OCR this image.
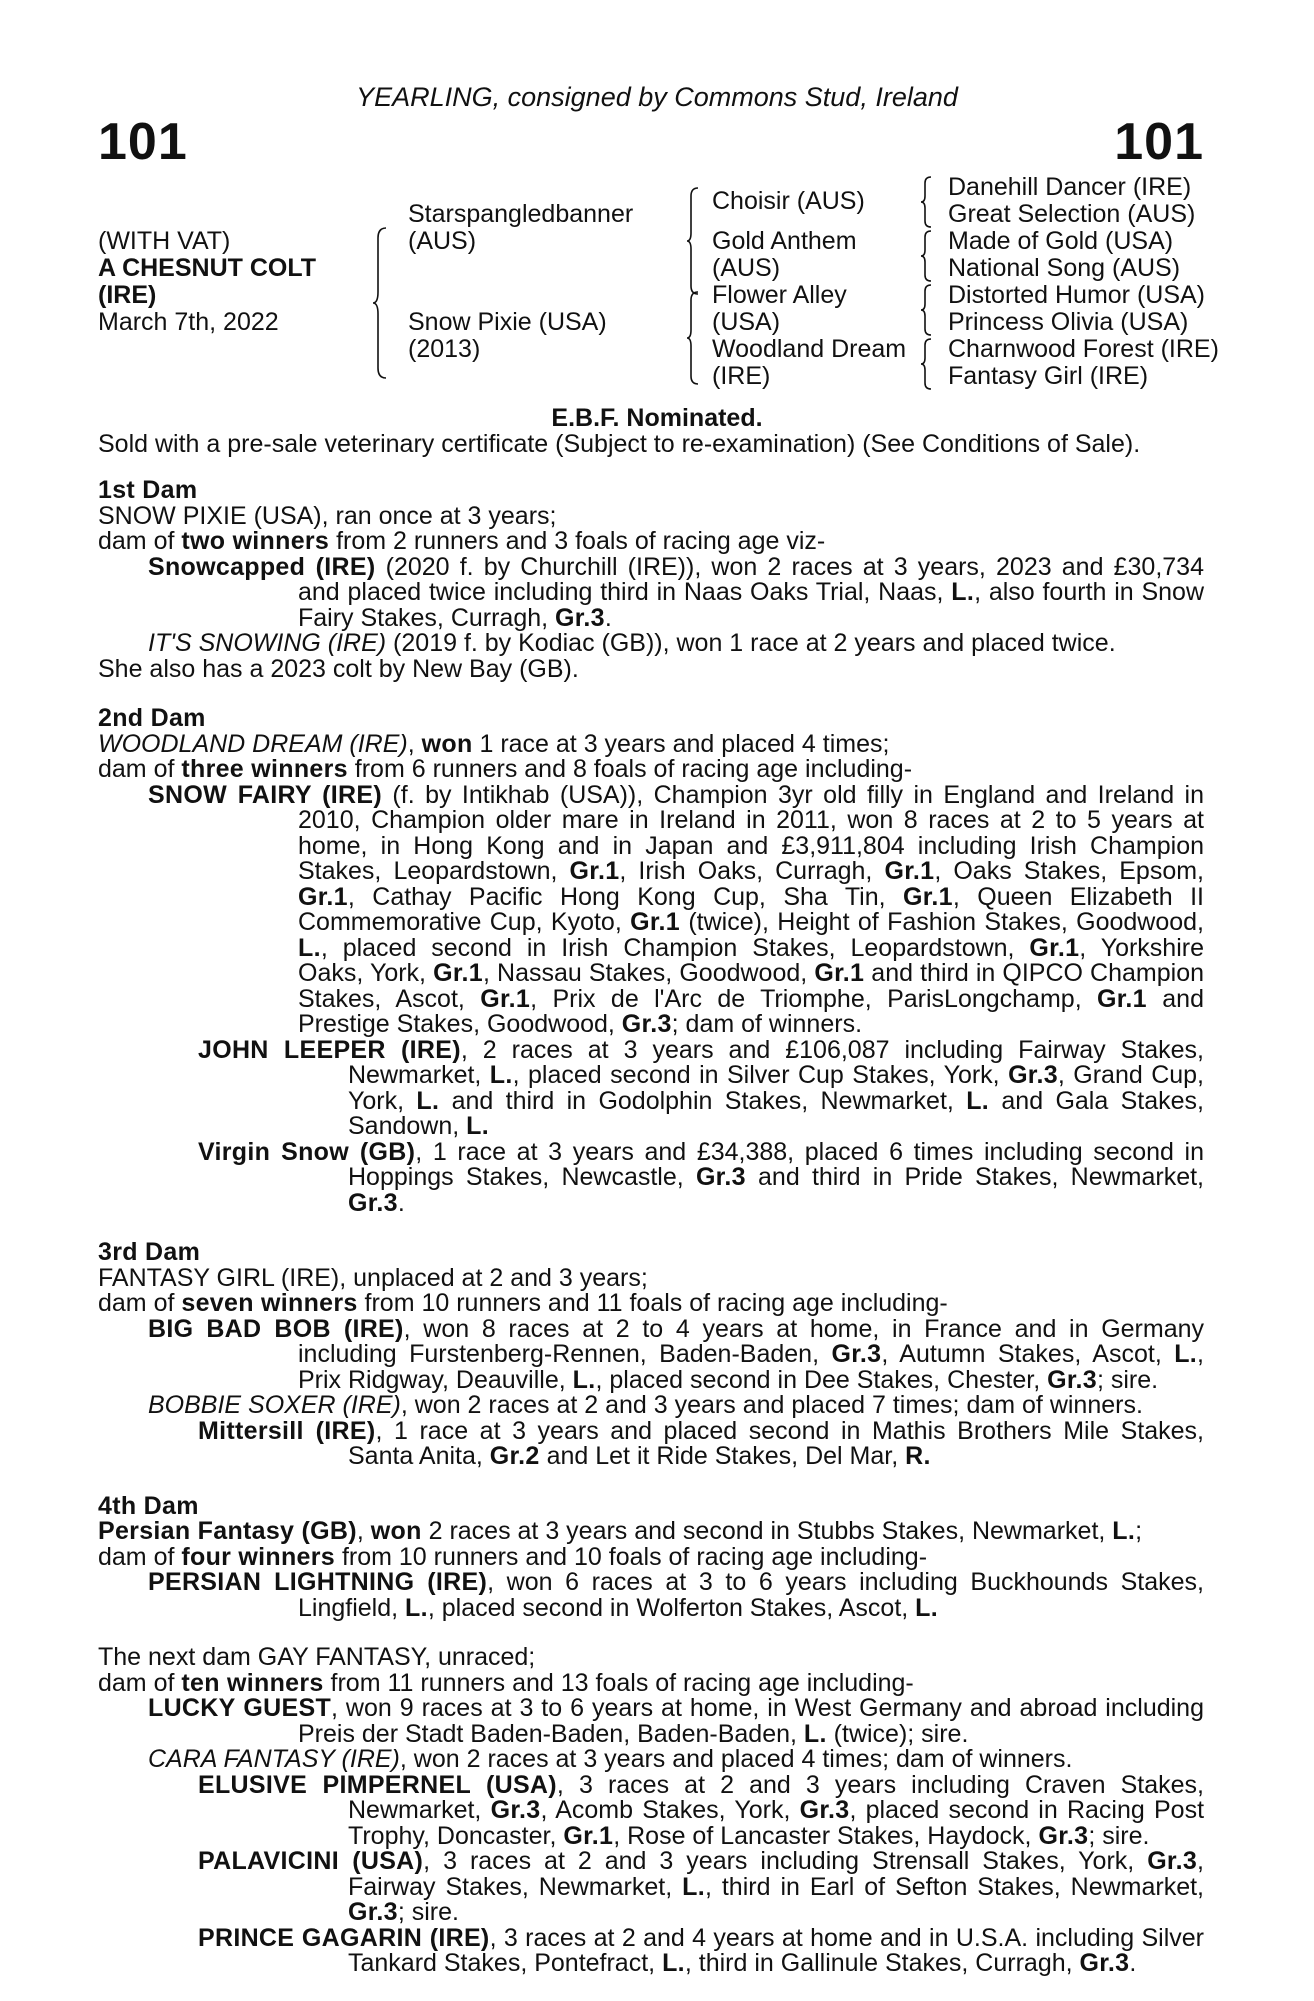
YEARLING, consigned by Commons Stud, Ireland
101	101
(WITH VAT)
A CHESNUT COLT
(IRE)
March 7th, 2022
Starspangledbanner
(AUS)
Snow Pixie (USA)
(2013)
Choisir (AUS)
Gold Anthem
(AUS)
Flower Alley
(USA)
Woodland Dream
(IRE)
Danehill Dancer (IRE)
Great Selection (AUS)
Made of Gold (USA)
National Song (AUS)
Distorted Humor (USA)
Princess Olivia (USA)
Charnwood Forest (IRE)
Fantasy Girl (IRE)
E.B.F. Nominated.
Sold with a pre-sale veterinary certificate (Subject to re-examination) (See Conditions of Sale).

1st Dam

SNOW PIXIE (USA), ran once at 3 years;

dam of two winners from 2 runners and 3 foals of racing age viz-

Snowcapped (IRE) (2020 f. by Churchill (IRE)), won 2 races at 3 years, 2023 and £30,734 and placed twice including third in Naas Oaks Trial, Naas, L., also fourth in Snow Fairy Stakes, Curragh, Gr.3.

IT'S SNOWING (IRE) (2019 f. by Kodiac (GB)), won 1 race at 2 years and placed twice.

She also has a 2023 colt by New Bay (GB).

2nd Dam

WOODLAND DREAM (IRE), won 1 race at 3 years and placed 4 times;

dam of three winners from 6 runners and 8 foals of racing age including-

SNOW FAIRY (IRE) (f. by Intikhab (USA)), Champion 3yr old filly in England and Ireland in 2010, Champion older mare in Ireland in 2011, won 8 races at 2 to 5 years at home, in Hong Kong and in Japan and £3,911,804 including Irish Champion Stakes, Leopardstown, Gr.1, Irish Oaks, Curragh, Gr.1, Oaks Stakes, Epsom, Gr.1, Cathay Pacific Hong Kong Cup, Sha Tin, Gr.1, Queen Elizabeth II Commemorative Cup, Kyoto, Gr.1 (twice), Height of Fashion Stakes, Goodwood, L., placed second in Irish Champion Stakes, Leopardstown, Gr.1, Yorkshire Oaks, York, Gr.1, Nassau Stakes, Goodwood, Gr.1 and third in QIPCO Champion Stakes, Ascot, Gr.1, Prix de l'Arc de Triomphe, ParisLongchamp, Gr.1 and Prestige Stakes, Goodwood, Gr.3; dam of winners.

JOHN LEEPER (IRE), 2 races at 3 years and £106,087 including Fairway Stakes, Newmarket, L., placed second in Silver Cup Stakes, York, Gr.3, Grand Cup, York, L. and third in Godolphin Stakes, Newmarket, L. and Gala Stakes, Sandown, L.

Virgin Snow (GB), 1 race at 3 years and £34,388, placed 6 times including second in Hoppings Stakes, Newcastle, Gr.3 and third in Pride Stakes, Newmarket, Gr.3.

3rd Dam

FANTASY GIRL (IRE), unplaced at 2 and 3 years;

dam of seven winners from 10 runners and 11 foals of racing age including-

BIG BAD BOB (IRE), won 8 races at 2 to 4 years at home, in France and in Germany including Furstenberg-Rennen, Baden-Baden, Gr.3, Autumn Stakes, Ascot, L., Prix Ridgway, Deauville, L., placed second in Dee Stakes, Chester, Gr.3; sire.

BOBBIE SOXER (IRE), won 2 races at 2 and 3 years and placed 7 times; dam of winners.

Mittersill (IRE), 1 race at 3 years and placed second in Mathis Brothers Mile Stakes, Santa Anita, Gr.2 and Let it Ride Stakes, Del Mar, R.

4th Dam

Persian Fantasy (GB), won 2 races at 3 years and second in Stubbs Stakes, Newmarket, L.;

dam of four winners from 10 runners and 10 foals of racing age including-

PERSIAN LIGHTNING (IRE), won 6 races at 3 to 6 years including Buckhounds Stakes, Lingfield, L., placed second in Wolferton Stakes, Ascot, L.

The next dam GAY FANTASY, unraced;

dam of ten winners from 11 runners and 13 foals of racing age including-

LUCKY GUEST, won 9 races at 3 to 6 years at home, in West Germany and abroad including Preis der Stadt Baden-Baden, Baden-Baden, L. (twice); sire.

CARA FANTASY (IRE), won 2 races at 3 years and placed 4 times; dam of winners.

ELUSIVE PIMPERNEL (USA), 3 races at 2 and 3 years including Craven Stakes, Newmarket, Gr.3, Acomb Stakes, York, Gr.3, placed second in Racing Post Trophy, Doncaster, Gr.1, Rose of Lancaster Stakes, Haydock, Gr.3; sire.

PALAVICINI (USA), 3 races at 2 and 3 years including Strensall Stakes, York, Gr.3, Fairway Stakes, Newmarket, L., third in Earl of Sefton Stakes, Newmarket, Gr.3; sire.

PRINCE GAGARIN (IRE), 3 races at 2 and 4 years at home and in U.S.A. including Silver Tankard Stakes, Pontefract, L., third in Gallinule Stakes, Curragh, Gr.3.
